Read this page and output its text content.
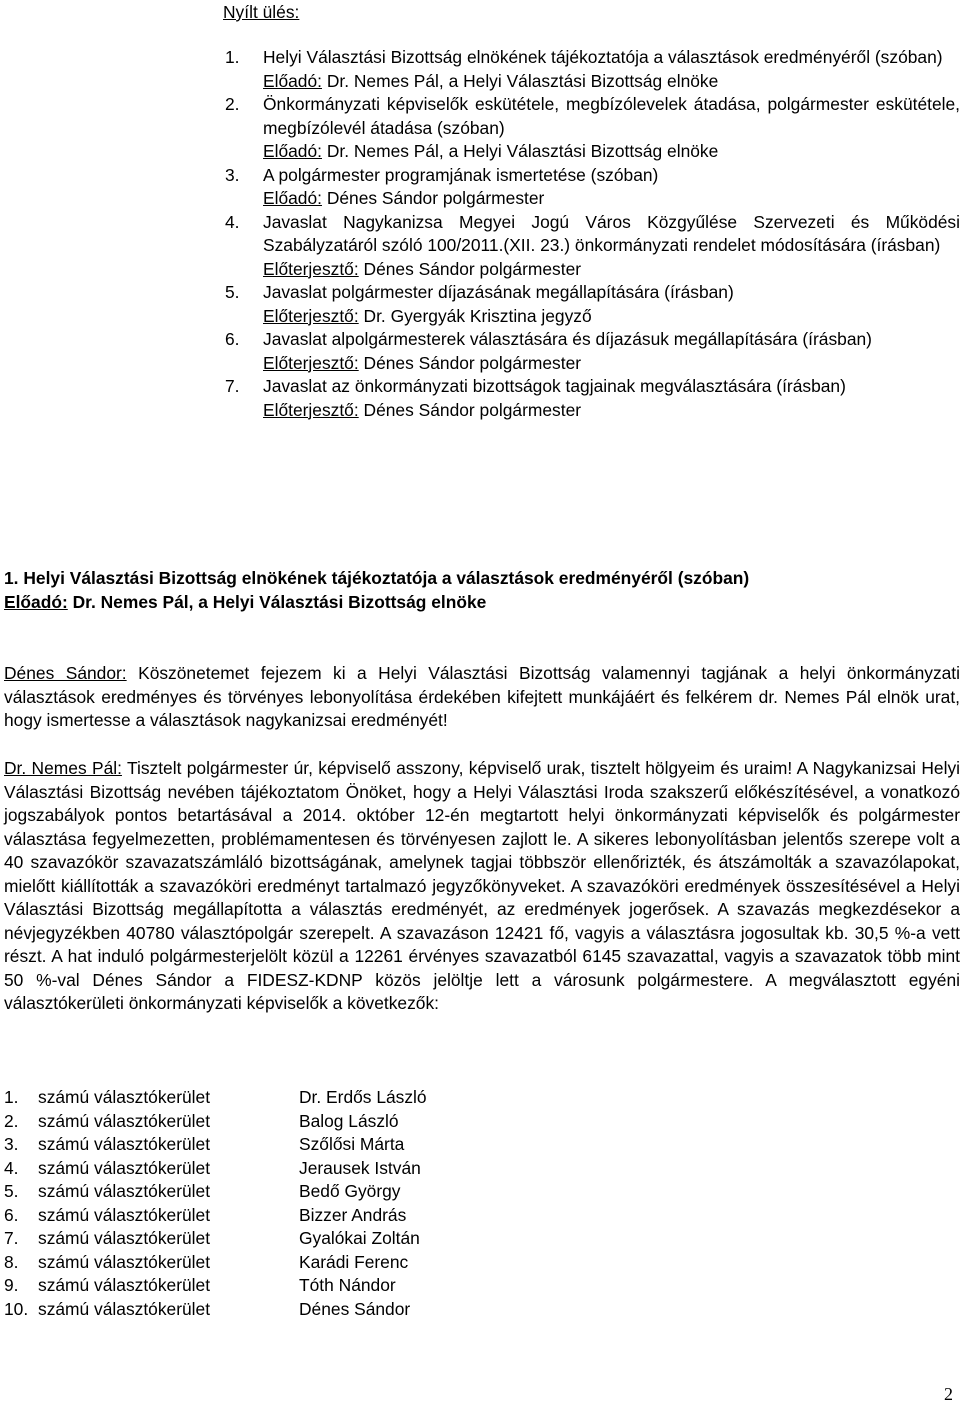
Nyílt ülés:
1. Helyi Választási Bizottság elnökének tájékoztatója a választások eredményéről (szóban)
Előadó: Dr. Nemes Pál, a Helyi Választási Bizottság elnöke
2. Önkormányzati képviselők eskütétele, megbízólevelek átadása, polgármester eskütétele, megbízólevél átadása (szóban)
Előadó: Dr. Nemes Pál, a Helyi Választási Bizottság elnöke
3. A polgármester programjának ismertetése (szóban)
Előadó: Dénes Sándor polgármester
4. Javaslat Nagykanizsa Megyei Jogú Város Közgyűlése Szervezeti és Működési Szabályzatáról szóló 100/2011.(XII. 23.) önkormányzati rendelet módosítására (írásban)
Előterjesztő: Dénes Sándor polgármester
5. Javaslat polgármester díjazásának megállapítására (írásban)
Előterjesztő: Dr. Gyergyák Krisztina jegyző
6. Javaslat alpolgármesterek választására és díjazásuk megállapítására (írásban)
Előterjesztő: Dénes Sándor polgármester
7. Javaslat az önkormányzati bizottságok tagjainak megválasztására (írásban)
Előterjesztő: Dénes Sándor polgármester
1. Helyi Választási Bizottság elnökének tájékoztatója a választások eredményéről (szóban)
Előadó: Dr. Nemes Pál, a Helyi Választási Bizottság elnöke

Dénes Sándor: Köszönetemet fejezem ki a Helyi Választási Bizottság valamennyi tagjának a helyi önkormányzati választások eredményes és törvényes lebonyolítása érdekében kifejtett munkájáért és felkérem dr. Nemes Pál elnök urat, hogy ismertesse a választások nagykanizsai eredményét!

Dr. Nemes Pál: Tisztelt polgármester úr, képviselő asszony, képviselő urak, tisztelt hölgyeim és uraim! A Nagykanizsai Helyi Választási Bizottság nevében tájékoztatom Önöket, hogy a Helyi Választási Iroda szakszerű előkészítésével, a vonatkozó jogszabályok pontos betartásával a 2014. október 12-én megtartott helyi önkormányzati képviselők és polgármester választása fegyelmezetten, problémamentesen és törvényesen zajlott le. A sikeres lebonyolításban jelentős szerepe volt a 40 szavazókör szavazatszámláló bizottságának, amelynek tagjai többször ellenőrizték, és átszámolták a szavazólapokat, mielőtt kiállították a szavazóköri eredményt tartalmazó jegyzőkönyveket. A szavazóköri eredmények összesítésével a Helyi Választási Bizottság megállapította a választás eredményét, az eredmények jogerősek. A szavazás megkezdésekor a névjegyzékben 40780 választópolgár szerepelt. A szavazáson 12421 fő, vagyis a választásra jogosultak kb. 30,5 %-a vett részt. A hat induló polgármesterjelölt közül a 12261 érvényes szavazatból 6145 szavazattal, vagyis a szavazatok több mint 50 %-val Dénes Sándor a FIDESZ-KDNP közös jelöltje lett a városunk polgármestere. A megválasztott egyéni választókerületi önkormányzati képviselők a következők:

1.	számú választókerület	Dr. Erdős László
2.	számú választókerület	Balog László
3.	számú választókerület	Szőlősi Márta
4.	számú választókerület	Jerausek István
5.	számú választókerület	Bedő György
6.	számú választókerület	Bizzer András
7.	számú választókerület	Gyalókai Zoltán
8.	számú választókerület	Karádi Ferenc
9.	számú választókerület	Tóth Nándor
10.	számú választókerület	Dénes Sándor
2
